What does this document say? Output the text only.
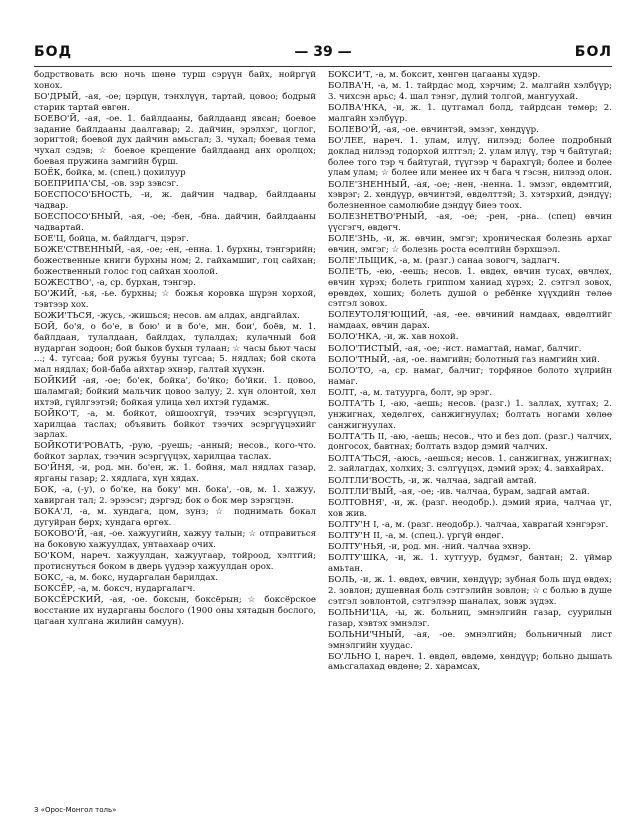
БОД	— 39 —	БОЛ

бодрствовать всю ночь шөнө турш сэрүүн байх, нойргүй хонох.

БО'ДРЫЙ, -ая, -ое; цэрцүн, тэнхлүүн, тартай, цовоо; бодрый старик тартай өвгөн.

БОЕВО'Й, -ая, -ое. 1. байлдааны, байлдаанд явсан; боевое задание байлдааны даалгавар; 2. дайчин, эрэлхэг, цоглог, зоригтой; боевой дух дайчин амьсгал; 3. чухал; боевая тема чухал сэдэв; ☆ боевое крещение байлдаанд анх оролцох; боевая пружина замгийн бүрш.

БОЁК, бойка, м. (спец.) цохилуур

БОЕПРИПА'СЫ, -ов. зэр зэвсэг.

БОЕСПОСО'БНОСТЬ, -и, ж. дайчин чадвар, байлдааны чадвар.

БОЕСПОСО'БНЫЙ, -ая, -ое; -бен, -бна. дайчин, байлдааны чадвартай.

БОЕ'Ц, бойца, м. байлдагч, цэрэг.

БОЖЕ'СТВЕННЫЙ, -ая, -ое; -ен, -енна. 1. бурхны, тэнгэрийн; божественные книги бурхны ном; 2. гайхамшиг, гоц сайхан; божественный голос гоц сайхан хоолой.

БОЖЕСТВО', -а, ср. бурхан, тэнгэр.

БО'ЖИЙ, -ья, -ье. бурхны; ☆ божья коровка шүрэн хорхой, тэвтээр хох.

БОЖИ'ТЬСЯ, -жусь, -жишься; несов. ам алдах, андгайлах.

БОЙ, бо'я, о бо'е, в бою' и в бо'е, мн. бои', боёв, м. 1. байлдаан, тулалдаан, байлдах, тулалдах; кулачный бой нударган зодоон; бой быков бухын тулаан; ☆ часы бьют часы ...; 4. тугсаа; бой ружья бууны тугсаа; 5. нядлах; бой скота мал нядлах; бой-баба айхтар эхнэр, галтай хүүхэн.

БОЙКИЙ -ая, -ое; бо'ек, бойка', бо'йко; бо'йки. 1. цовоо, шаламгай; бойкий мальчик цовоо залуу; 2. хүн олонтой, хөл ихтэй, гүйлгээтэй; бойкая улица хөл ихтэй гудамж.

БОЙКО'Т, -а, м. бойкот, ойшоохгүй, тээчих эсэргүүцэл, харилцаа таслах; объявить бойкот тээчих эсэргүүцэхийг зарлах.

БОЙКОТИ'РОВАТЬ, -рую, -руешь; -анный; несов., кого-что. бойкот зарлах, тээчин эсэргүүцэх, харилцаа таслах.

БО'ЙНЯ, -и, род. мн. бо'ен, ж. 1. бойня, мал нядлах газар, ярганы газар; 2. хядлага, хүн хядах.

БОК, -а, (-у), о бо'ке, на боку' мн. бока', -ов, м. 1. хажуу, хавирган тал; 2. эрээсэг; дэргэд; бок о бок мөр зэрэгцэн.

БОКА'Л, -а, м. хундага, цом, зунз; ☆ поднимать бокал дугуйран бөрх; хундага өргөх.

БОКОВО'Й, -ая, -ое. хажуугийн, хажуу талын; ☆ отправиться на боковую хажуулдах, унтаахаар очих.

БО'КОМ, нареч. хажуулдан, хажуугаар, тойроод, хэлтгий; протиснуться боком в дверь үүдээр хажуулдан орох.

БОКС, -а, м. бокс, нударгалан барилдах.

БОКСЁР, -а, м. боксч, нударгалагч.

БОКСЁРСКИЙ, -ая, -ое. боксын, боксёрын; ☆ боксёрское восстание их нударганы бослого (1900 оны хятадын бослого, цагаан хулгана жилийн самуун).

БОКСИ'Т, -а, м. боксит, хөнгөн цагааны хүдэр.

БОЛВА'Н, -а, м. 1. тайрдас мод, хэрчим; 2. малгайн хэлбүүр; 3. чихсэн арьс; 4. шал тэнэг, дүлий толгой, мангуухай.

БОЛВА'НКА, -и, ж. 1. цутгамал болд, тайрдсан төмөр; 2. малгайн хэлбүүр.

БОЛЕВО'Й, -ая, -ое. өвчинтэй, эмзэг, хөндүүр.

БО'ЛЕЕ, нареч. 1. улам, илүү, нилээд; более подробный доклад нилээд тодорхой илтгэл; 2. улам илүү, тэр ч байтугай; более того тэр ч байтугай, түүгээр ч барахгүй; более и более улам улам; ☆ более или менее их ч бага ч гэсэн, нилээд олон.

БОЛЕ'ЗНЕННЫЙ, -ая, -ое; -нен, -ненна. 1. эмзэг, өвдөмтгий, хэврэг; 2. хөндүүр, өвчинтэй, өвдөлттэй; 3. хэтэрхий, дэндүү; болезненное самолюбие дэндүү биеэ тоох.

БОЛЕЗНЕТВО'РНЫЙ, -ая, -ое; -рен, -рна. (спец) өвчин үүсгэгч, өвдөгч.

БОЛЕ'ЗНЬ, -и, ж. өвчин, эмгэг; хроническая болезнь архаг өвчин, эмгэг; ☆ болезнь роста өсөлтийн бэрхшээл.

БОЛЕ'ЛЬЩИК, -а, м. (разг.) санаа зовогч, задлагч.

БОЛЕ'ТЬ, -ею, -еешь; несов. 1. өвдөх, өвчин тусах, өвчлөх, өвчин хүрэх; болеть гриппом ханиад хүрэх; 2. сэтгэл зовох, өрөвдөх, хоших; болеть душой о ребёнке хүүхдийн төлөө сэтгэл зовох.

БОЛЕУТОЛЯ'ЮЩИЙ, -ая, -ее. өвчиний намдаах, өвдөлтийг намдаах, өвчин дарах.

БОЛО'НКА, -и, ж. хав нохой.

БОЛО'ТИСТЫЙ, -ая, -ое; -ист. намагтай, намаг, балчиг.

БОЛО'ТНЫЙ, -ая, -ое. намгийн; болотный газ намгийн хий.

БОЛО'ТО, -а, ср. намаг, балчиг; торфяное болото хүлрийн намаг.

БОЛТ, -а, м. татуурга, болт, эр эрэг.

БОЛТА'ТЬ I, -аю, -аешь; несов. (разг.) 1. заллах, хутгах; 2. унжигнах, хөдөлгөх, санжигнуулах; болтать ногами хөлөө санжигнуулах.

БОЛТА'ТЬ II, -аю, -аешь; несов., что и без доп. (разг.) чалчих, донгосох, бавтнах; болтать вздор дэмий чалчих.

БОЛТА'ТЬСЯ, -аюсь, -аешься; несов. 1. санжигнах, унжигнах; 2. зайлагдах, холхих; 3. сэлгүүцэх, дэмий эрэх; 4. завхайрах.

БОЛТЛИ'ВОСТЬ, -и, ж. чалчаа, задгай амтай.

БОЛТЛИ'ВЫЙ, -ая, -ое; -ив. чалчаа, бурам, задгай амтай.

БОЛТОВНЯ', -и, ж. (разг. неодобр.). дэмий яриа, чалчаа үг, хов жив.

БОЛТУ'Н I, -а, м. (разг. неодобр.). чалчаа, хаврагай хэнгэрэг.

БОЛТУ'Н II, -а, м. (спец.). үргүй өндөг.

БОЛТУ'НЬЯ, -и, род. мн. -ний. чалчаа эхнэр.

БОЛТУ'ШКА, -и, ж. 1. хутгуур, бүдмэг, бантан; 2. үймар амьтан.

БОЛЬ, -и, ж. 1. өвдөх, өвчин, хөндүүр; зубная боль шүд өвдөх; 2. зовлон; душевная боль сэтгэлийн зовлон; ☆ с болью в душе сэтгэл зовлонтой, сэтгэлээр шаналах, зовж зүдэх.

БОЛЬНИ'ЦА, -ы, ж. больниц, эмнэлгийн газар, суурилын газар, хэвтэх эмнэлэг.

БОЛЬНИ'ЧНЫЙ, -ая, -ое. эмнэлгийн; больничный лист эмнэлгийн хуудас.

БО'ЛЬНО I, нареч. 1. өвдөл, өвдөмө, хөндүүр; больно дышать амьсгалахад өвдөнө; 2. харамсах,

3 «Орос-Монгол толь»
